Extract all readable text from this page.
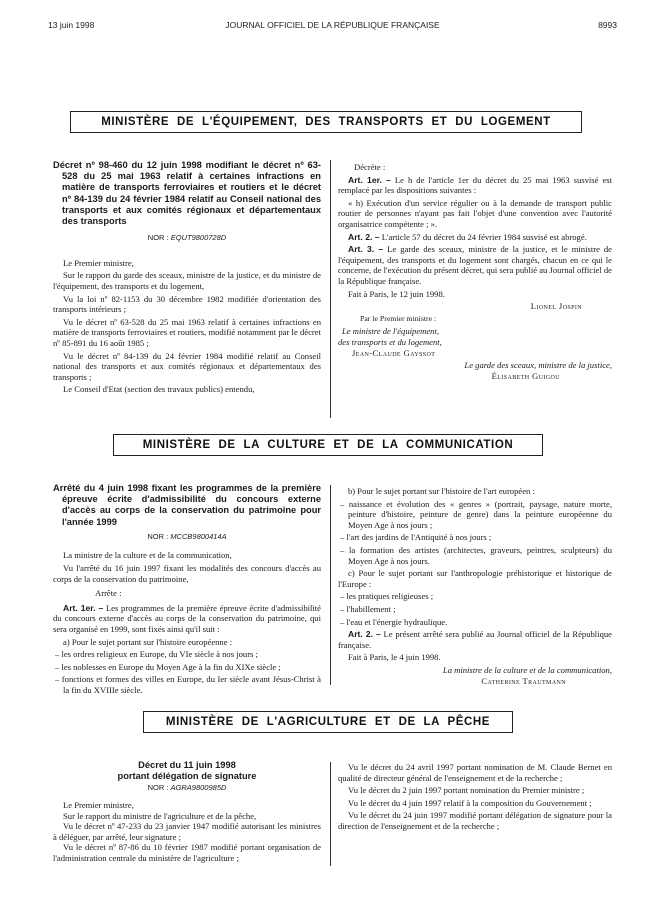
13 juin 1998	JOURNAL OFFICIEL DE LA RÉPUBLIQUE FRANÇAISE	8993
MINISTÈRE DE L'ÉQUIPEMENT, DES TRANSPORTS ET DU LOGEMENT
Décret nº 98-460 du 12 juin 1998 modifiant le décret nº 63-528 du 25 mai 1963 relatif à certaines infractions en matière de transports ferroviaires et routiers et le décret nº 84-139 du 24 février 1984 relatif au Conseil national des transports et aux comités régionaux et départementaux des transports
NOR : EQUT9800728D

Le Premier ministre,

Sur le rapport du garde des sceaux, ministre de la justice, et du ministre de l'équipement, des transports et du logement,

Vu la loi nº 82-1153 du 30 décembre 1982 modifiée d'orientation des transports intérieurs ;

Vu le décret nº 63-528 du 25 mai 1963 relatif à certaines infractions en matière de transports ferroviaires et routiers, modifié notamment par le décret nº 85-891 du 16 août 1985 ;

Vu le décret nº 84-139 du 24 février 1984 modifié relatif au Conseil national des transports et aux comités régionaux et départementaux des transports ;

Le Conseil d'Etat (section des travaux publics) entendu,

Décrète :

Art. 1er. – Le h de l'article 1er du décret du 25 mai 1963 susvisé est remplacé par les dispositions suivantes :

« h) Exécution d'un service régulier ou à la demande de transport public routier de personnes n'ayant pas fait l'objet d'une convention avec l'autorité organisatrice compétente ; ».

Art. 2. – L'article 57 du décret du 24 février 1984 susvisé est abrogé.

Art. 3. – Le garde des sceaux, ministre de la justice, et le ministre de l'équipement, des transports et du logement sont chargés, chacun en ce qui le concerne, de l'exécution du présent décret, qui sera publié au Journal officiel de la République française.

Fait à Paris, le 12 juin 1998.

Lionel Jospin

Par le Premier ministre :

Le ministre de l'équipement,

des transports et du logement,

Jean-Claude Gayssot

Le garde des sceaux, ministre de la justice,

Élisabeth Guigou

MINISTÈRE DE LA CULTURE ET DE LA COMMUNICATION
Arrêté du 4 juin 1998 fixant les programmes de la première épreuve écrite d'admissibilité du concours externe d'accès au corps de la conservation du patrimoine pour l'année 1999
NOR : MCCB9800414A

La ministre de la culture et de la communication,

Vu l'arrêté du 16 juin 1997 fixant les modalités des concours d'accès au corps de la conservation du patrimoine,

Arrête :

Art. 1er. – Les programmes de la première épreuve écrite d'admissibilité du concours externe d'accès au corps de la conservation du patrimoine, qui sera organisé en 1999, sont fixés ainsi qu'il suit :

a) Pour le sujet portant sur l'histoire européenne :

– les ordres religieux en Europe, du VIe siècle à nos jours ;

– les noblesses en Europe du Moyen Age à la fin du XIXe siècle ;

– fonctions et formes des villes en Europe, du Ier siècle avant Jésus-Christ à la fin du XVIIIe siècle.

b) Pour le sujet portant sur l'histoire de l'art européen :

– naissance et évolution des « genres » (portrait, paysage, nature morte, peinture d'histoire, peinture de genre) dans la peinture européenne du Moyen Age à nos jours ;

– l'art des jardins de l'Antiquité à nos jours ;

– la formation des artistes (architectes, graveurs, peintres, sculpteurs) du Moyen Age à nos jours.

c) Pour le sujet portant sur l'anthropologie préhistorique et historique de l'Europe :

– les pratiques religieuses ;

– l'habillement ;

– l'eau et l'énergie hydraulique.

Art. 2. – Le présent arrêté sera publié au Journal officiel de la République française.

Fait à Paris, le 4 juin 1998.

La ministre de la culture et de la communication,

Catherine Trautmann

MINISTÈRE DE L'AGRICULTURE ET DE LA PÊCHE
Décret du 11 juin 1998
portant délégation de signature
NOR : AGRA9800985D

Le Premier ministre,

Sur le rapport du ministre de l'agriculture et de la pêche,

Vu le décret nº 47-233 du 23 janvier 1947 modifié autorisant les ministres à déléguer, par arrêté, leur signature ;

Vu le décret nº 87-86 du 10 février 1987 modifié portant organisation de l'administration centrale du ministère de l'agriculture ;

Vu le décret du 24 avril 1997 portant nomination de M. Claude Bernet en qualité de directeur général de l'enseignement et de la recherche ;

Vu le décret du 2 juin 1997 portant nomination du Premier ministre ;

Vu le décret du 4 juin 1997 relatif à la composition du Gouvernement ;

Vu le décret du 24 juin 1997 modifié portant délégation de signature pour la direction de l'enseignement et de la recherche ;
